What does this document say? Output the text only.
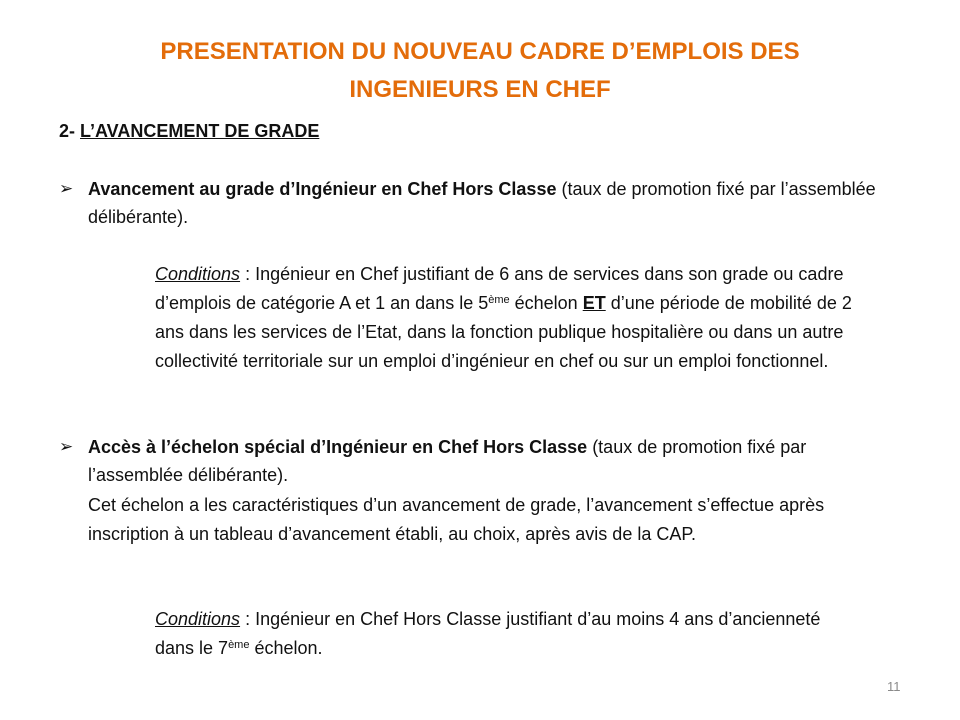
PRESENTATION DU NOUVEAU CADRE D’EMPLOIS DES
INGENIEURS EN CHEF
2- L’AVANCEMENT DE GRADE
➢ Avancement au grade d’Ingénieur en Chef Hors Classe (taux de promotion fixé par l’assemblée délibérante).
Conditions : Ingénieur en Chef justifiant de 6 ans de services dans son grade ou cadre d’emplois de catégorie A et 1 an dans le 5ème échelon ET d’une période de mobilité de 2 ans dans les services de l’Etat, dans la fonction publique hospitalière ou dans un autre collectivité territoriale sur un emploi d’ingénieur en chef ou sur un emploi fonctionnel.
➢ Accès à l’échelon spécial d’Ingénieur en Chef Hors Classe (taux de promotion fixé par l’assemblée délibérante).
Cet échelon a les caractéristiques d’un avancement de grade, l’avancement s’effectue après inscription à un tableau d’avancement établi, au choix, après avis de la CAP.
Conditions : Ingénieur en Chef Hors Classe justifiant d’au moins 4 ans d’ancienneté dans le 7ème échelon.
11
